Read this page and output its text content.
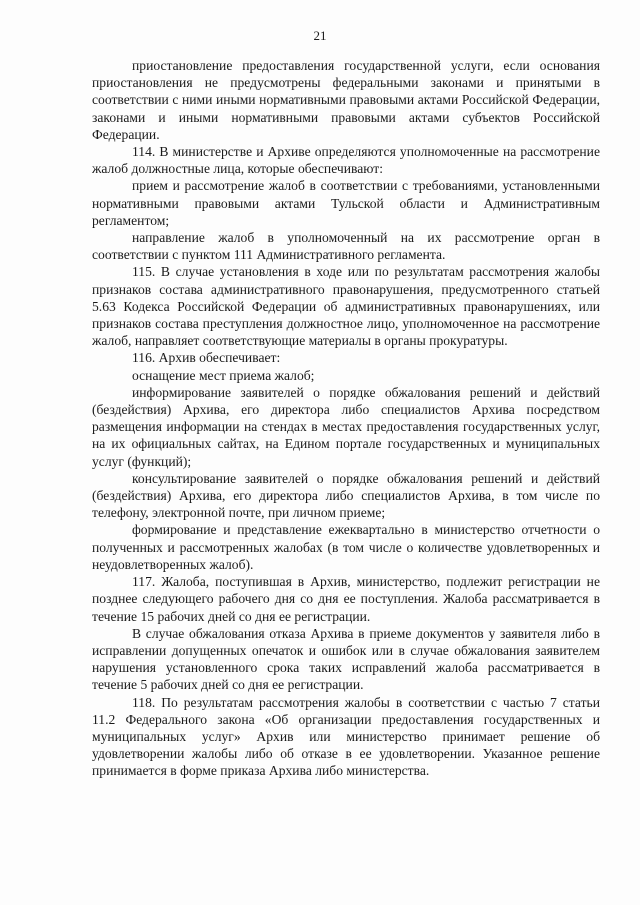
21

приостановление предоставления государственной услуги, если основания приостановления не предусмотрены федеральными законами и принятыми в соответствии с ними иными нормативными правовыми актами Российской Федерации, законами и иными нормативными правовыми актами субъектов Российской Федерации.

114. В министерстве и Архиве определяются уполномоченные на рассмотрение жалоб должностные лица, которые обеспечивают:

прием и рассмотрение жалоб в соответствии с требованиями, установленными нормативными правовыми актами Тульской области и Административным регламентом;

направление жалоб в уполномоченный на их рассмотрение орган в соответствии с пунктом 111 Административного регламента.

115. В случае установления в ходе или по результатам рассмотрения жалобы признаков состава административного правонарушения, предусмотренного статьей 5.63 Кодекса Российской Федерации об административных правонарушениях, или признаков состава преступления должностное лицо, уполномоченное на рассмотрение жалоб, направляет соответствующие материалы в органы прокуратуры.

116. Архив обеспечивает:

оснащение мест приема жалоб;

информирование заявителей о порядке обжалования решений и действий (бездействия) Архива, его директора либо специалистов Архива посредством размещения информации на стендах в местах предоставления государственных услуг, на их официальных сайтах, на Едином портале государственных и муниципальных услуг (функций);

консультирование заявителей о порядке обжалования решений и действий (бездействия) Архива, его директора либо специалистов Архива, в том числе по телефону, электронной почте, при личном приеме;

формирование и представление ежеквартально в министерство отчетности о полученных и рассмотренных жалобах (в том числе о количестве удовлетворенных и неудовлетворенных жалоб).

117. Жалоба, поступившая в Архив, министерство, подлежит регистрации не позднее следующего рабочего дня со дня ее поступления. Жалоба рассматривается в течение 15 рабочих дней со дня ее регистрации.

В случае обжалования отказа Архива в приеме документов у заявителя либо в исправлении допущенных опечаток и ошибок или в случае обжалования заявителем нарушения установленного срока таких исправлений жалоба рассматривается в течение 5 рабочих дней со дня ее регистрации.

118. По результатам рассмотрения жалобы в соответствии с частью 7 статьи 11.2 Федерального закона «Об организации предоставления государственных и муниципальных услуг» Архив или министерство принимает решение об удовлетворении жалобы либо об отказе в ее удовлетворении. Указанное решение принимается в форме приказа Архива либо министерства.
